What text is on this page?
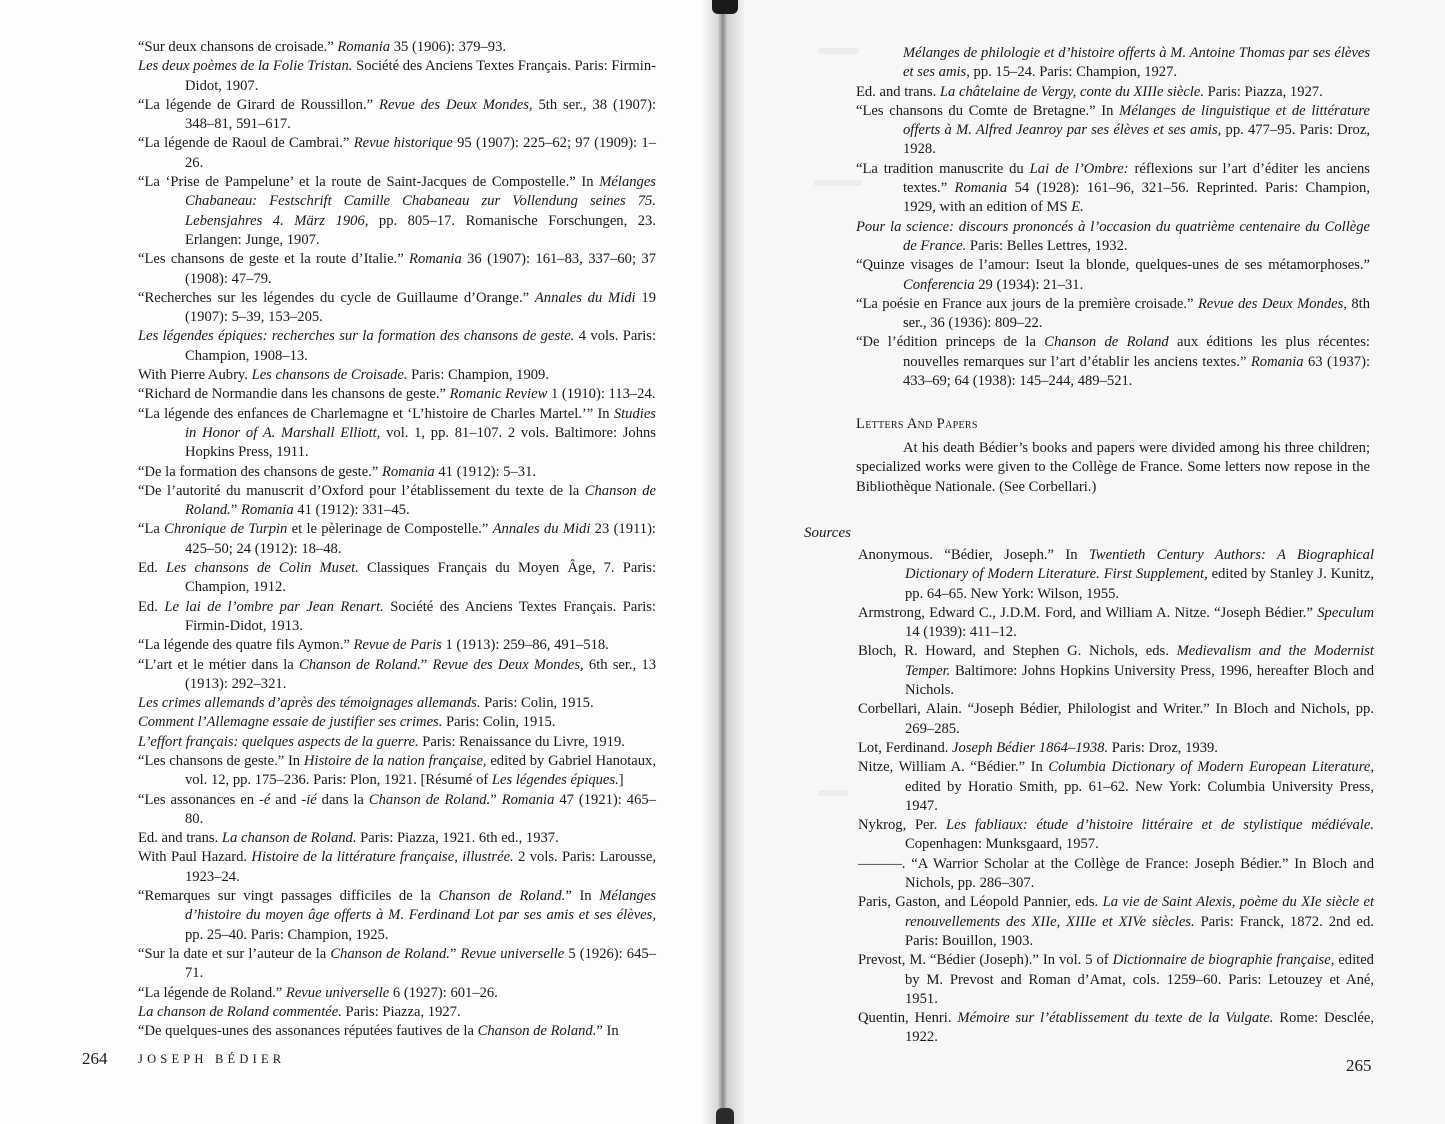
“Sur deux chansons de croisade.” Romania 35 (1906): 379–93.

Les deux poèmes de la Folie Tristan. Société des Anciens Textes Français. Paris: Firmin-Didot, 1907.

“La légende de Girard de Roussillon.” Revue des Deux Mondes, 5th ser., 38 (1907): 348–81, 591–617.

“La légende de Raoul de Cambrai.” Revue historique 95 (1907): 225–62; 97 (1909): 1–26.

“La ‘Prise de Pampelune’ et la route de Saint-Jacques de Compostelle.” In Mélanges Chabaneau: Festschrift Camille Chabaneau zur Vollendung seines 75. Lebensjahres 4. März 1906, pp. 805–17. Romanische Forschungen, 23. Erlangen: Junge, 1907.

“Les chansons de geste et la route d’Italie.” Romania 36 (1907): 161–83, 337–60; 37 (1908): 47–79.

“Recherches sur les légendes du cycle de Guillaume d’Orange.” Annales du Midi 19 (1907): 5–39, 153–205.

Les légendes épiques: recherches sur la formation des chansons de geste. 4 vols. Paris: Champion, 1908–13.

With Pierre Aubry. Les chansons de Croisade. Paris: Champion, 1909.

“Richard de Normandie dans les chansons de geste.” Romanic Review 1 (1910): 113–24.

“La légende des enfances de Charlemagne et ‘L’histoire de Charles Martel.’” In Studies in Honor of A. Marshall Elliott, vol. 1, pp. 81–107. 2 vols. Baltimore: Johns Hopkins Press, 1911.

“De la formation des chansons de geste.” Romania 41 (1912): 5–31.

“De l’autorité du manuscrit d’Oxford pour l’établissement du texte de la Chanson de Roland.” Romania 41 (1912): 331–45.

“La Chronique de Turpin et le pèlerinage de Compostelle.” Annales du Midi 23 (1911): 425–50; 24 (1912): 18–48.

Ed. Les chansons de Colin Muset. Classiques Français du Moyen Âge, 7. Paris: Champion, 1912.

Ed. Le lai de l’ombre par Jean Renart. Société des Anciens Textes Français. Paris: Firmin-Didot, 1913.

“La légende des quatre fils Aymon.” Revue de Paris 1 (1913): 259–86, 491–518.

“L’art et le métier dans la Chanson de Roland.” Revue des Deux Mondes, 6th ser., 13 (1913): 292–321.

Les crimes allemands d’après des témoignages allemands. Paris: Colin, 1915.

Comment l’Allemagne essaie de justifier ses crimes. Paris: Colin, 1915.

L’effort français: quelques aspects de la guerre. Paris: Renaissance du Livre, 1919.

“Les chansons de geste.” In Histoire de la nation française, edited by Gabriel Hanotaux, vol. 12, pp. 175–236. Paris: Plon, 1921. [Résumé of Les légendes épiques.]

“Les assonances en -é and -ié dans la Chanson de Roland.” Romania 47 (1921): 465–80.

Ed. and trans. La chanson de Roland. Paris: Piazza, 1921. 6th ed., 1937.

With Paul Hazard. Histoire de la littérature française, illustrée. 2 vols. Paris: Larousse, 1923–24.

“Remarques sur vingt passages difficiles de la Chanson de Roland.” In Mélanges d’histoire du moyen âge offerts à M. Ferdinand Lot par ses amis et ses élèves, pp. 25–40. Paris: Champion, 1925.

“Sur la date et sur l’auteur de la Chanson de Roland.” Revue universelle 5 (1926): 645–71.

“La légende de Roland.” Revue universelle 6 (1927): 601–26.

La chanson de Roland commentée. Paris: Piazza, 1927.

“De quelques-unes des assonances réputées fautives de la Chanson de Roland.” In

264 JOSEPH BÉDIER

Mélanges de philologie et d’histoire offerts à M. Antoine Thomas par ses élèves et ses amis, pp. 15–24. Paris: Champion, 1927.

Ed. and trans. La châtelaine de Vergy, conte du XIIIe siècle. Paris: Piazza, 1927.

“Les chansons du Comte de Bretagne.” In Mélanges de linguistique et de littérature offerts à M. Alfred Jeanroy par ses élèves et ses amis, pp. 477–95. Paris: Droz, 1928.

“La tradition manuscrite du Lai de l’Ombre: réflexions sur l’art d’éditer les anciens textes.” Romania 54 (1928): 161–96, 321–56. Reprinted. Paris: Champion, 1929, with an edition of MS E.

Pour la science: discours prononcés à l’occasion du quatrième centenaire du Collège de France. Paris: Belles Lettres, 1932.

“Quinze visages de l’amour: Iseut la blonde, quelques-unes de ses métamorphoses.” Conferencia 29 (1934): 21–31.

“La poésie en France aux jours de la première croisade.” Revue des Deux Mondes, 8th ser., 36 (1936): 809–22.

“De l’édition princeps de la Chanson de Roland aux éditions les plus récentes: nouvelles remarques sur l’art d’établir les anciens textes.” Romania 63 (1937): 433–69; 64 (1938): 145–244, 489–521.

Letters And Papers

At his death Bédier’s books and papers were divided among his three children; specialized works were given to the Collège de France. Some letters now repose in the Bibliothèque Nationale. (See Corbellari.)

Sources

Anonymous. “Bédier, Joseph.” In Twentieth Century Authors: A Biographical Dictionary of Modern Literature. First Supplement, edited by Stanley J. Kunitz, pp. 64–65. New York: Wilson, 1955.

Armstrong, Edward C., J.D.M. Ford, and William A. Nitze. “Joseph Bédier.” Speculum 14 (1939): 411–12.

Bloch, R. Howard, and Stephen G. Nichols, eds. Medievalism and the Modernist Temper. Baltimore: Johns Hopkins University Press, 1996, hereafter Bloch and Nichols.

Corbellari, Alain. “Joseph Bédier, Philologist and Writer.” In Bloch and Nichols, pp. 269–285.

Lot, Ferdinand. Joseph Bédier 1864–1938. Paris: Droz, 1939.

Nitze, William A. “Bédier.” In Columbia Dictionary of Modern European Literature, edited by Horatio Smith, pp. 61–62. New York: Columbia University Press, 1947.

Nykrog, Per. Les fabliaux: étude d’histoire littéraire et de stylistique médiévale. Copenhagen: Munksgaard, 1957.

———. “A Warrior Scholar at the Collège de France: Joseph Bédier.” In Bloch and Nichols, pp. 286–307.

Paris, Gaston, and Léopold Pannier, eds. La vie de Saint Alexis, poème du XIe siècle et renouvellements des XIIe, XIIIe et XIVe siècles. Paris: Franck, 1872. 2nd ed. Paris: Bouillon, 1903.

Prevost, M. “Bédier (Joseph).” In vol. 5 of Dictionnaire de biographie française, edited by M. Prevost and Roman d’Amat, cols. 1259–60. Paris: Letouzey et Ané, 1951.

Quentin, Henri. Mémoire sur l’établissement du texte de la Vulgate. Rome: Desclée, 1922.

265
